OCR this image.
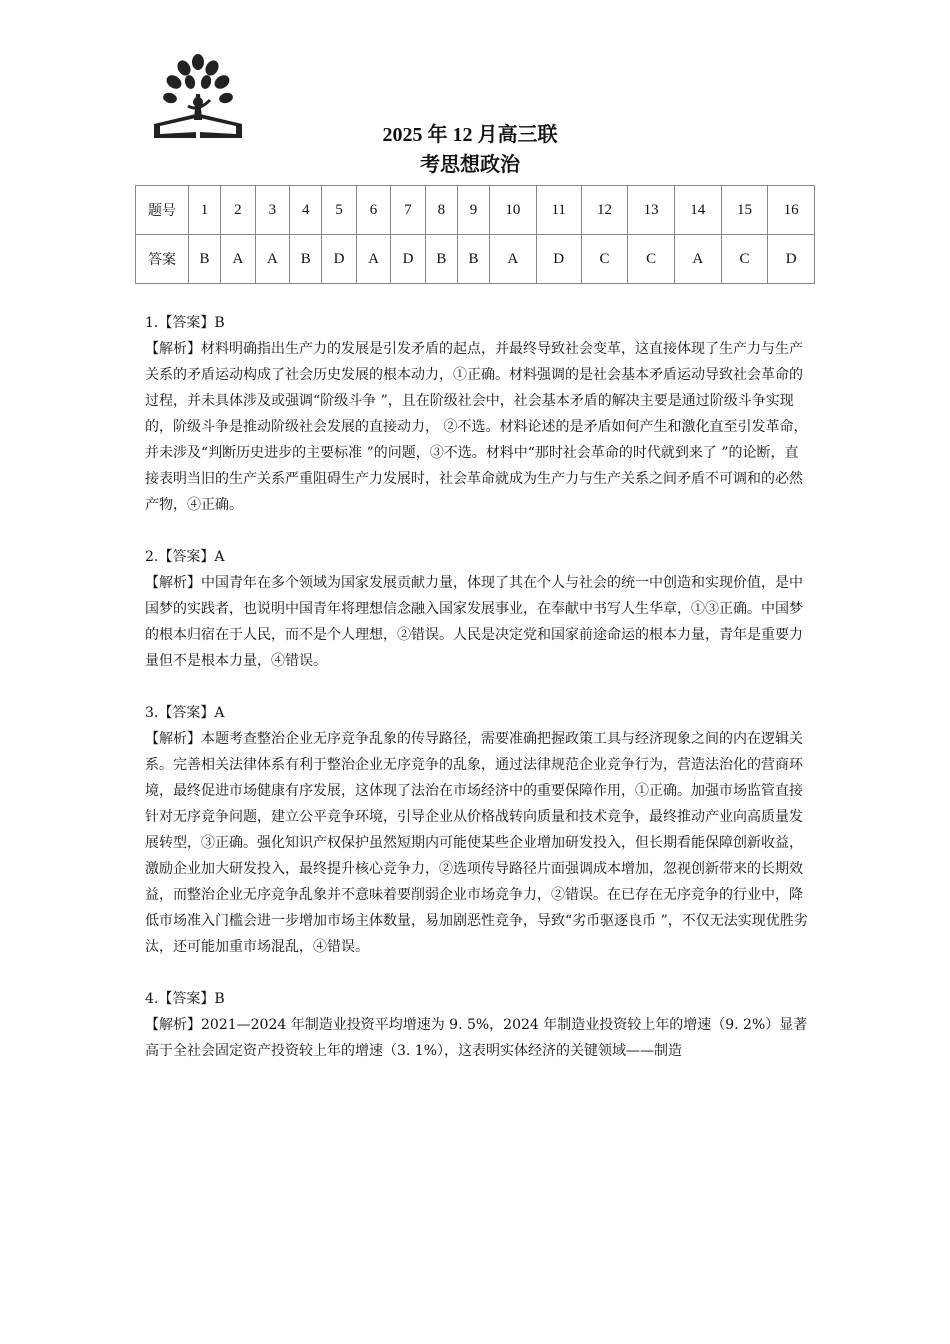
2025 年 12 月高三联
考思想政治
题号	1	2	3	4	5	6	7	8	9	10	11	12	13	14	15	16
答案	B	A	A	B	D	A	D	B	B	A	D	C	C	A	C	D

1.【答案】B

【解析】材料明确指出生产力的发展是引发矛盾的起点，并最终导致社会变革，这直接体现了生产力与生产关系的矛盾运动构成了社会历史发展的根本动力，①正确。材料强调的是社会基本矛盾运动导致社会革命的过程，并未具体涉及或强调“阶级斗争 ”，且在阶级社会中，社会基本矛盾的解决主要是通过阶级斗争实现的，阶级斗争是推动阶级社会发展的直接动力， ②不选。材料论述的是矛盾如何产生和激化直至引发革命，并未涉及“判断历史进步的主要标准 ”的问题，③不选。材料中“那时社会革命的时代就到来了 ”的论断，直接表明当旧的生产关系严重阻碍生产力发展时，社会革命就成为生产力与生产关系之间矛盾不可调和的必然产物，④正确。

2.【答案】A

【解析】中国青年在多个领域为国家发展贡献力量，体现了其在个人与社会的统一中创造和实现价值，是中国梦的实践者，也说明中国青年将理想信念融入国家发展事业，在奉献中书写人生华章，①③正确。中国梦的根本归宿在于人民，而不是个人理想，②错误。人民是决定党和国家前途命运的根本力量，青年是重要力量但不是根本力量，④错误。

3.【答案】A

【解析】本题考查整治企业无序竞争乱象的传导路径，需要准确把握政策工具与经济现象之间的内在逻辑关系。完善相关法律体系有利于整治企业无序竞争的乱象，通过法律规范企业竞争行为，营造法治化的营商环境，最终促进市场健康有序发展，这体现了法治在市场经济中的重要保障作用，①正确。加强市场监管直接针对无序竞争问题，建立公平竞争环境，引导企业从价格战转向质量和技术竞争，最终推动产业向高质量发展转型，③正确。强化知识产权保护虽然短期内可能使某些企业增加研发投入，但长期看能保障创新收益，激励企业加大研发投入，最终提升核心竞争力，②选项传导路径片面强调成本增加，忽视创新带来的长期效益，而整治企业无序竞争乱象并不意味着要削弱企业市场竞争力，②错误。在已存在无序竞争的行业中，降低市场准入门槛会进一步增加市场主体数量，易加剧恶性竞争，导致“劣币驱逐良币 ”，不仅无法实现优胜劣汰，还可能加重市场混乱，④错误。

4.【答案】B

【解析】2021—2024 年制造业投资平均增速为 9. 5%，2024 年制造业投资较上年的增速（9. 2%）显著高于全社会固定资产投资较上年的增速（3. 1%），这表明实体经济的关键领域——制造
